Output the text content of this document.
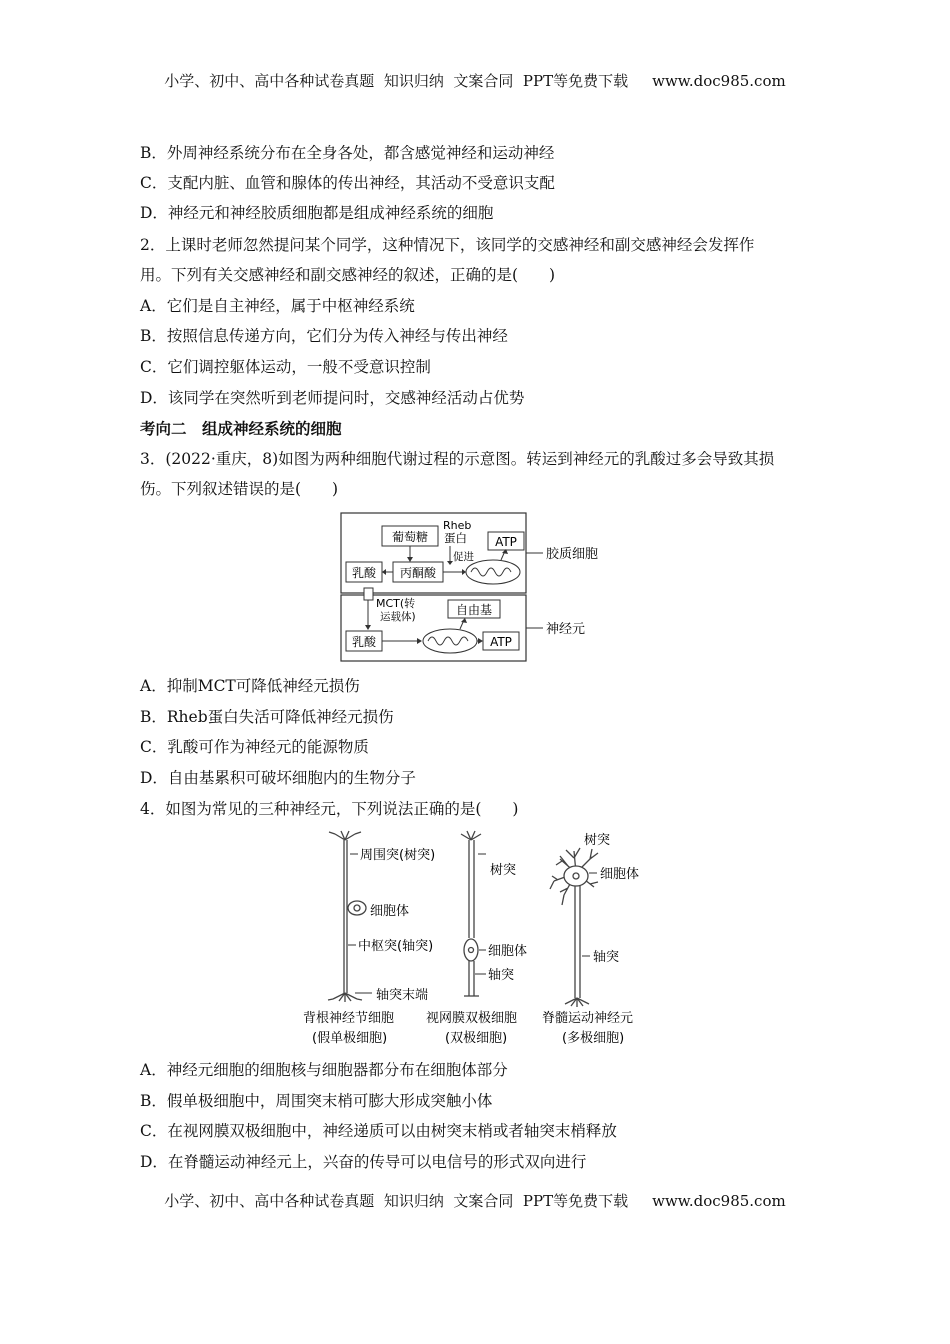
小学、初中、高中各种试卷真题  知识归纳  文案合同  PPT等免费下载 www.doc985.com
B．外周神经系统分布在全身各处，都含感觉神经和运动神经
C．支配内脏、血管和腺体的传出神经，其活动不受意识支配
D．神经元和神经胶质细胞都是组成神经系统的细胞
2．上课时老师忽然提问某个同学，这种情况下，该同学的交感神经和副交感神经会发挥作
用。下列有关交感神经和副交感神经的叙述，正确的是(　　)
A．它们是自主神经，属于中枢神经系统
B．按照信息传递方向，它们分为传入神经与传出神经
C．它们调控躯体运动，一般不受意识控制
D．该同学在突然听到老师提问时，交感神经活动占优势
考向二　组成神经系统的细胞
3．(2022·重庆，8)如图为两种细胞代谢过程的示意图。转运到神经元的乳酸过多会导致其损
伤。下列叙述错误的是(　　)
葡萄糖
Rheb
蛋白
促进
ATP
丙酮酸
乳酸
MCT(转
运载体)	自由基
乳酸	ATP
胶质细胞
神经元
A．抑制MCT可降低神经元损伤
B．Rheb蛋白失活可降低神经元损伤
C．乳酸可作为神经元的能源物质
D．自由基累积可破坏细胞内的生物分子
4．如图为常见的三种神经元，下列说法正确的是(　　)
周围突(树突)
细胞体
中枢突(轴突)
轴突末端
背根神经节细胞
(假单极细胞)
树突
细胞体
轴突
视网膜双极细胞
(双极细胞)
树突
细胞体
轴突
脊髓运动神经元
(多极细胞)
A．神经元细胞的细胞核与细胞器都分布在细胞体部分
B．假单极细胞中，周围突末梢可膨大形成突触小体
C．在视网膜双极细胞中，神经递质可以由树突末梢或者轴突末梢释放
D．在脊髓运动神经元上，兴奋的传导可以电信号的形式双向进行
小学、初中、高中各种试卷真题  知识归纳  文案合同  PPT等免费下载 www.doc985.com
